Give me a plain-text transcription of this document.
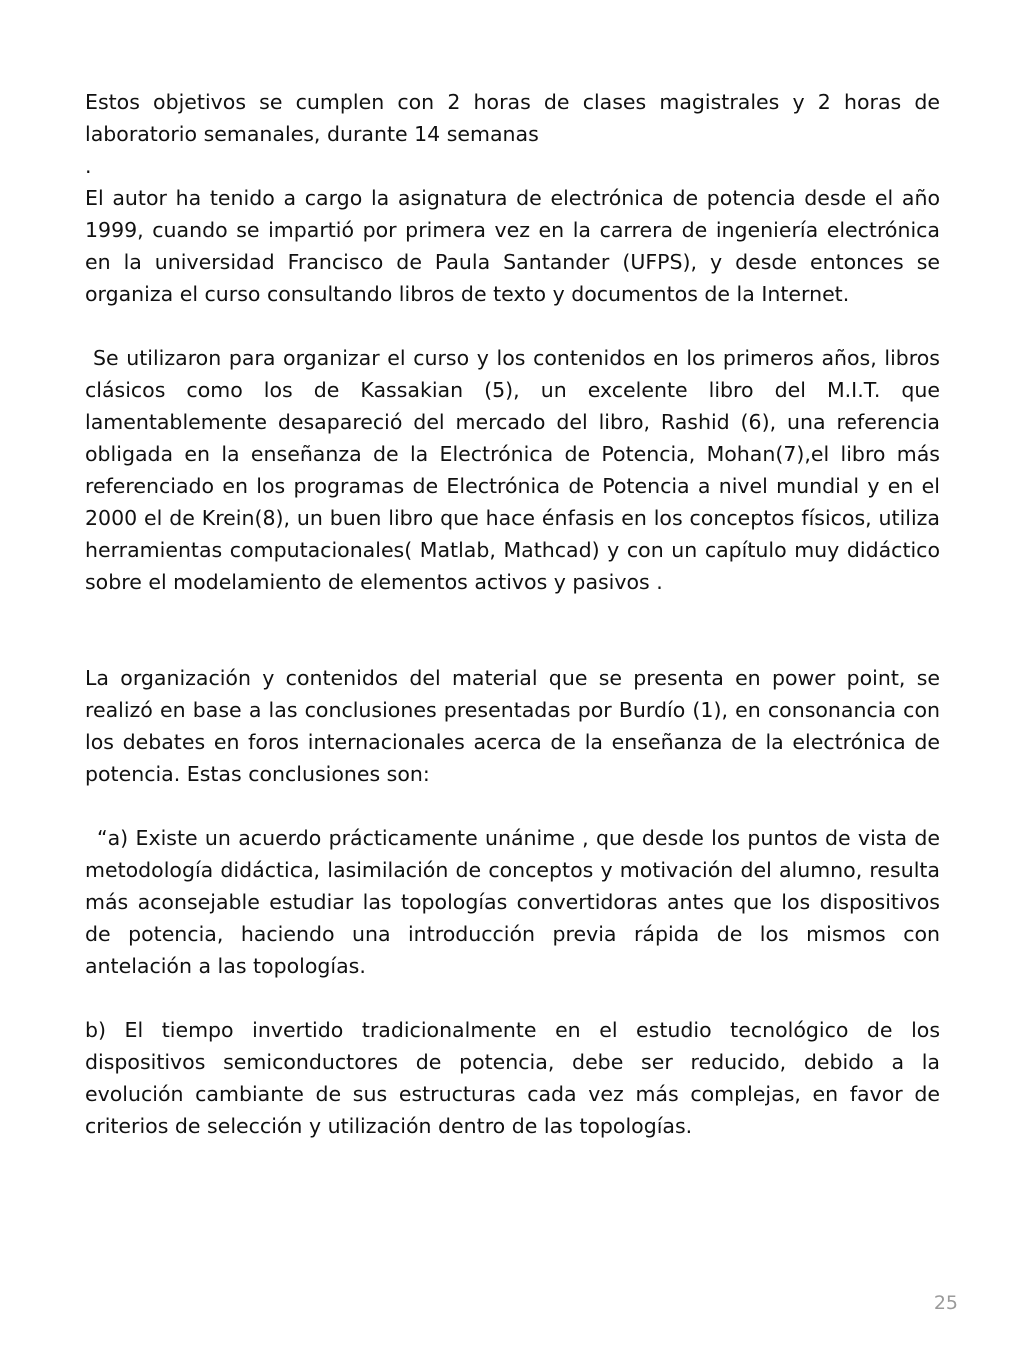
Estos objetivos se cumplen con 2 horas de clases magistrales y 2 horas de laboratorio semanales, durante 14 semanas

.

El autor ha tenido a cargo la asignatura de electrónica de potencia desde el año 1999, cuando se impartió por primera vez en la carrera de ingeniería electrónica en la universidad Francisco de Paula Santander (UFPS), y desde entonces se organiza el curso consultando libros de texto y documentos de la Internet.

Se utilizaron para organizar el curso y los contenidos en los primeros años, libros clásicos como los de Kassakian (5), un excelente libro del M.I.T. que lamentablemente desapareció del mercado del libro, Rashid (6), una referencia obligada en la enseñanza de la Electrónica de Potencia, Mohan(7),el libro más referenciado en los programas de Electrónica de Potencia a nivel mundial y en el 2000 el de Krein(8), un buen libro que hace énfasis en los conceptos físicos, utiliza herramientas computacionales( Matlab, Mathcad) y con un capítulo muy didáctico sobre el modelamiento de elementos activos y pasivos .

La organización y contenidos del material que se presenta en power point, se realizó en base a las conclusiones presentadas por Burdío (1), en consonancia con los debates en foros internacionales acerca de la enseñanza de la electrónica de potencia. Estas conclusiones son:

“a) Existe un acuerdo prácticamente unánime , que desde los puntos de vista de metodología didáctica, lasimilación de conceptos y motivación del alumno, resulta más aconsejable estudiar las topologías convertidoras antes que los dispositivos de potencia, haciendo una introducción previa rápida de los mismos con antelación a las topologías.

b) El tiempo invertido tradicionalmente en el estudio tecnológico de los dispositivos semiconductores de potencia, debe ser reducido, debido a la evolución cambiante de sus estructuras cada vez más complejas, en favor de criterios de selección y utilización dentro de las topologías.

25
